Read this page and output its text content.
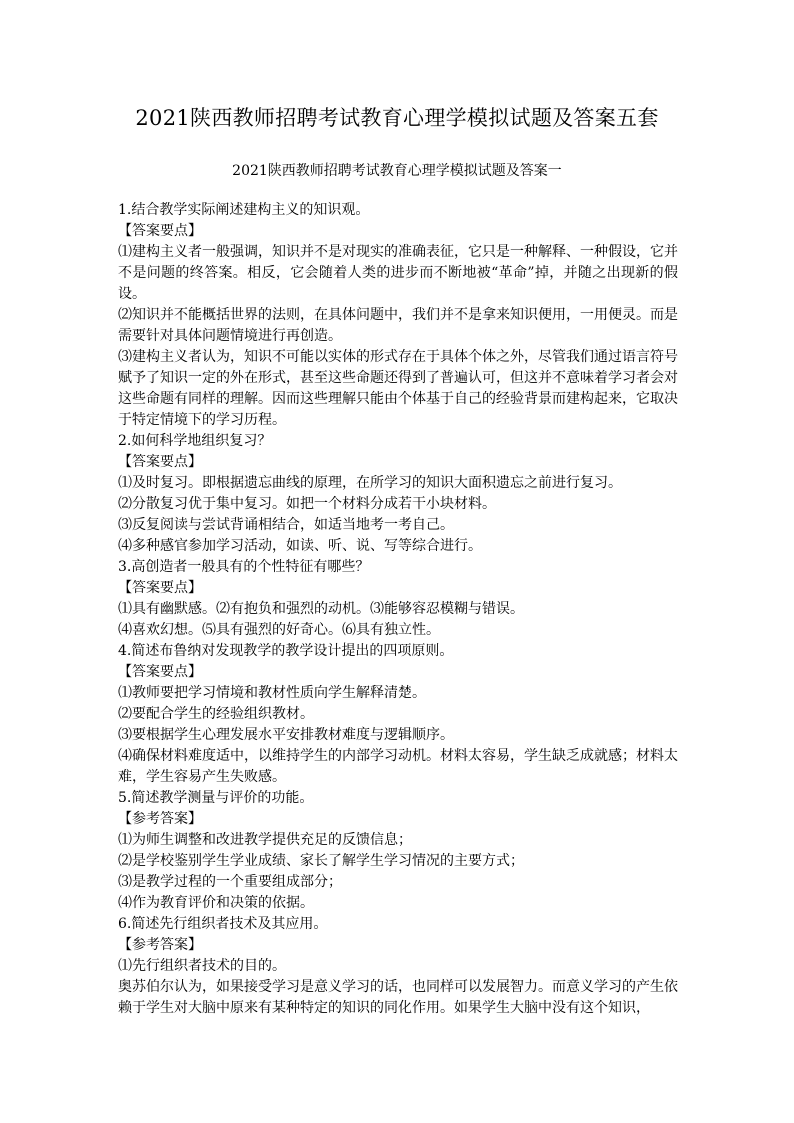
2021陕西教师招聘考试教育心理学模拟试题及答案五套
2021陕西教师招聘考试教育心理学模拟试题及答案一

1.结合教学实际阐述建构主义的知识观。

【答案要点】

⑴建构主义者一般强调，知识并不是对现实的准确表征，它只是一种解释、一种假设，它并不是问题的终答案。相反，它会随着人类的进步而不断地被“革命”掉，并随之出现新的假设。

⑵知识并不能概括世界的法则，在具体问题中，我们并不是拿来知识便用，一用便灵。而是需要针对具体问题情境进行再创造。

⑶建构主义者认为，知识不可能以实体的形式存在于具体个体之外，尽管我们通过语言符号赋予了知识一定的外在形式，甚至这些命题还得到了普遍认可，但这并不意味着学习者会对这些命题有同样的理解。因而这些理解只能由个体基于自己的经验背景而建构起来，它取决于特定情境下的学习历程。

2.如何科学地组织复习？

【答案要点】

⑴及时复习。即根据遗忘曲线的原理，在所学习的知识大面积遗忘之前进行复习。

⑵分散复习优于集中复习。如把一个材料分成若干小块材料。

⑶反复阅读与尝试背诵相结合，如适当地考一考自己。

⑷多种感官参加学习活动，如读、听、说、写等综合进行。

3.高创造者一般具有的个性特征有哪些？

【答案要点】

⑴具有幽默感。⑵有抱负和强烈的动机。⑶能够容忍模糊与错误。

⑷喜欢幻想。⑸具有强烈的好奇心。⑹具有独立性。

4.简述布鲁纳对发现教学的教学设计提出的四项原则。

【答案要点】

⑴教师要把学习情境和教材性质向学生解释清楚。

⑵要配合学生的经验组织教材。

⑶要根据学生心理发展水平安排教材难度与逻辑顺序。

⑷确保材料难度适中，以维持学生的内部学习动机。材料太容易，学生缺乏成就感；材料太难，学生容易产生失败感。

5.简述教学测量与评价的功能。

【参考答案】

⑴为师生调整和改进教学提供充足的反馈信息；

⑵是学校鉴别学生学业成绩、家长了解学生学习情况的主要方式；

⑶是教学过程的一个重要组成部分；

⑷作为教育评价和决策的依据。

6.简述先行组织者技术及其应用。

【参考答案】

⑴先行组织者技术的目的。

奥苏伯尔认为，如果接受学习是意义学习的话，也同样可以发展智力。而意义学习的产生依赖于学生对大脑中原来有某种特定的知识的同化作用。如果学生大脑中没有这个知识，
